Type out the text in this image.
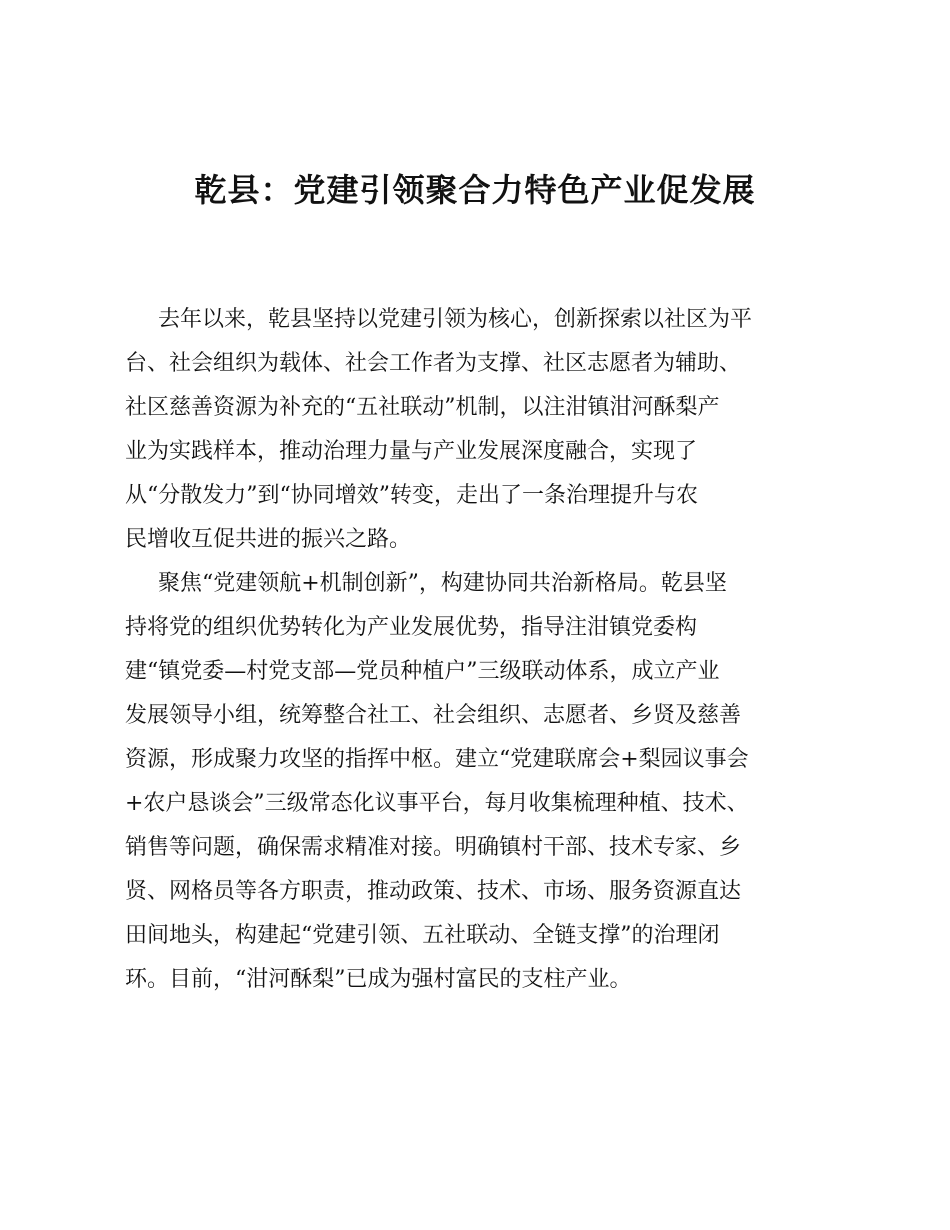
乾县：党建引领聚合力特色产业促发展
去年以来，乾县坚持以党建引领为核心，创新探索以社区为平
台、社会组织为载体、社会工作者为支撑、社区志愿者为辅助、
社区慈善资源为补充的“五社联动”机制，以注泔镇泔河酥梨产
业为实践样本，推动治理力量与产业发展深度融合，实现了
从“分散发力”到“协同增效”转变，走出了一条治理提升与农
民增收互促共进的振兴之路。
聚焦“党建领航+机制创新”，构建协同共治新格局。乾县坚
持将党的组织优势转化为产业发展优势，指导注泔镇党委构
建“镇党委—村党支部—党员种植户”三级联动体系，成立产业
发展领导小组，统筹整合社工、社会组织、志愿者、乡贤及慈善
资源，形成聚力攻坚的指挥中枢。建立“党建联席会+梨园议事会
+农户恳谈会”三级常态化议事平台，每月收集梳理种植、技术、
销售等问题，确保需求精准对接。明确镇村干部、技术专家、乡
贤、网格员等各方职责，推动政策、技术、市场、服务资源直达
田间地头，构建起“党建引领、五社联动、全链支撑”的治理闭
环。目前，“泔河酥梨”已成为强村富民的支柱产业。
